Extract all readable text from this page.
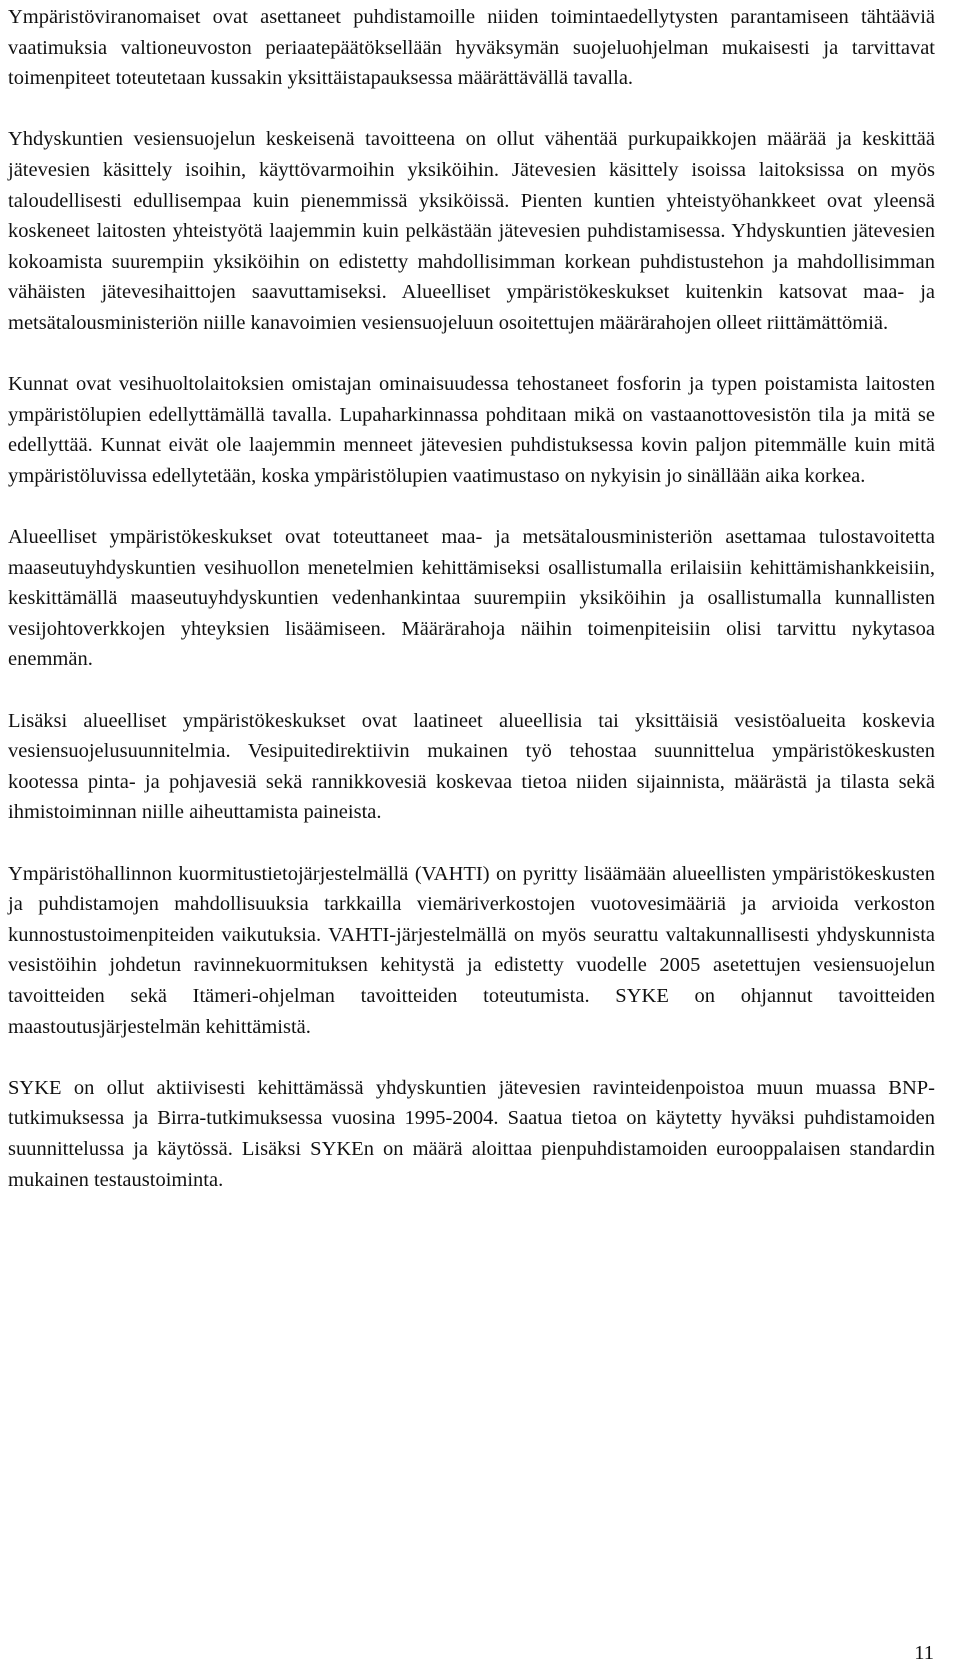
Ympäristöviranomaiset ovat asettaneet puhdistamoille niiden toimintaedellytysten parantamiseen tähtääviä vaatimuksia valtioneuvoston periaatepäätöksellään hyväksymän suojeluohjelman mukaisesti ja tarvittavat toimenpiteet toteutetaan kussakin yksittäistapauksessa määrättävällä tavalla.

Yhdyskuntien vesiensuojelun keskeisenä tavoitteena on ollut vähentää purkupaikkojen määrää ja keskittää jätevesien käsittely isoihin, käyttövarmoihin yksiköihin. Jätevesien käsittely isoissa laitoksissa on myös taloudellisesti edullisempaa kuin pienemmissä yksiköissä. Pienten kuntien yhteistyöhankkeet ovat yleensä koskeneet laitosten yhteistyötä laajemmin kuin pelkästään jätevesien puhdistamisessa. Yhdyskuntien jätevesien kokoamista suurempiin yksiköihin on edistetty mahdollisimman korkean puhdistustehon ja mahdollisimman vähäisten jätevesihaittojen saavuttamiseksi. Alueelliset ympäristökeskukset kuitenkin katsovat maa- ja metsätalousministeriön niille kanavoimien vesiensuojeluun osoitettujen määrärahojen olleet riittämättömiä.

Kunnat ovat vesihuoltolaitoksien omistajan ominaisuudessa tehostaneet fosforin ja typen poistamista laitosten ympäristölupien edellyttämällä tavalla. Lupaharkinnassa pohditaan mikä on vastaanottovesistön tila ja mitä se edellyttää. Kunnat eivät ole laajemmin menneet jätevesien puhdistuksessa kovin paljon pitemmälle kuin mitä ympäristöluvissa edellytetään, koska ympäristölupien vaatimustaso on nykyisin jo sinällään aika korkea.

Alueelliset ympäristökeskukset ovat toteuttaneet maa- ja metsätalousministeriön asettamaa tulostavoitetta maaseutuyhdyskuntien vesihuollon menetelmien kehittämiseksi osallistumalla erilaisiin kehittämishankkeisiin, keskittämällä maaseutuyhdyskuntien vedenhankintaa suurempiin yksiköihin ja osallistumalla kunnallisten vesijohtoverkkojen yhteyksien lisäämiseen. Määrärahoja näihin toimenpiteisiin olisi tarvittu nykytasoa enemmän.

Lisäksi alueelliset ympäristökeskukset ovat laatineet alueellisia tai yksittäisiä vesistöalueita koskevia vesiensuojelusuunnitelmia. Vesipuitedirektiivin mukainen työ tehostaa suunnittelua ympäristökeskusten kootessa pinta- ja pohjavesiä sekä rannikkovesiä koskevaa tietoa niiden sijainnista, määrästä ja tilasta sekä ihmistoiminnan niille aiheuttamista paineista.

Ympäristöhallinnon kuormitustietojärjestelmällä (VAHTI) on pyritty lisäämään alueellisten ympäristökeskusten ja puhdistamojen mahdollisuuksia tarkkailla viemäriverkostojen vuotovesimääriä ja arvioida verkoston kunnostustoimenpiteiden vaikutuksia. VAHTI-järjestelmällä on myös seurattu valtakunnallisesti yhdyskunnista vesistöihin johdetun ravinnekuormituksen kehitystä ja edistetty vuodelle 2005 asetettujen vesiensuojelun tavoitteiden sekä Itämeri-ohjelman tavoitteiden toteutumista. SYKE on ohjannut tavoitteiden maastoutusjärjestelmän kehittämistä.

SYKE on ollut aktiivisesti kehittämässä yhdyskuntien jätevesien ravinteidenpoistoa muun muassa BNP-tutkimuksessa ja Birra-tutkimuksessa vuosina 1995-2004. Saatua tietoa on käytetty hyväksi puhdistamoiden suunnittelussa ja käytössä. Lisäksi SYKEn on määrä aloittaa pienpuhdistamoiden eurooppalaisen standardin mukainen testaustoiminta.

11
